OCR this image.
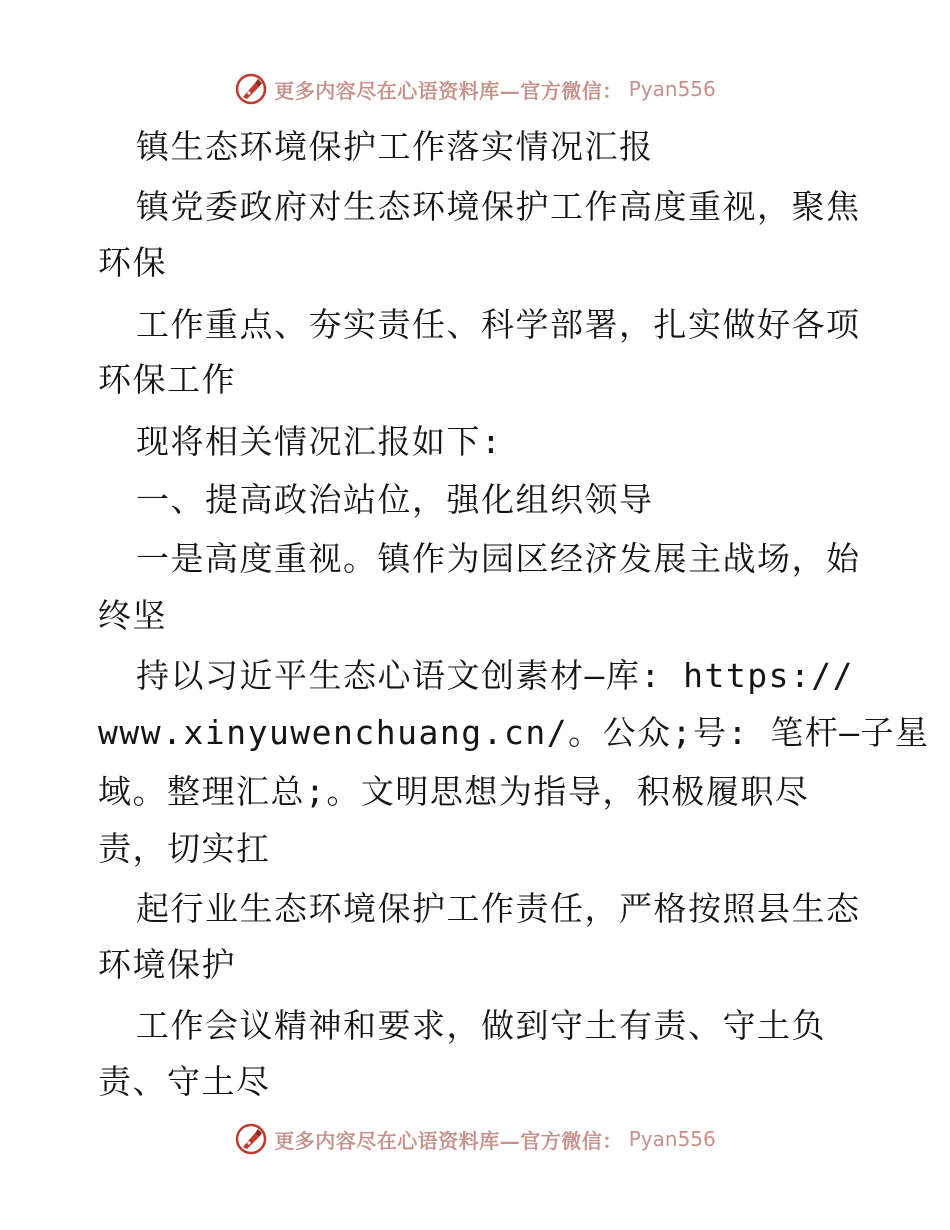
更多内容尽在心语资料库—官方微信： Pyan556
镇生态环境保护工作落实情况汇报
镇党委政府对生态环境保护工作高度重视，聚焦
环保
工作重点、夯实责任、科学部署，扎实做好各项
环保工作
现将相关情况汇报如下:
一、提高政治站位，强化组织领导
一是高度重视。镇作为园区经济发展主战场，始
终坚
持以习近平生态心语文创素材—库: https://
www.xinyuwenchuang.cn/。公众;号: 笔杆—子星
域。整理汇总;。文明思想为指导，积极履职尽
责，切实扛
起行业生态环境保护工作责任，严格按照县生态
环境保护
工作会议精神和要求，做到守土有责、守土负
责、守土尽
更多内容尽在心语资料库—官方微信： Pyan556
